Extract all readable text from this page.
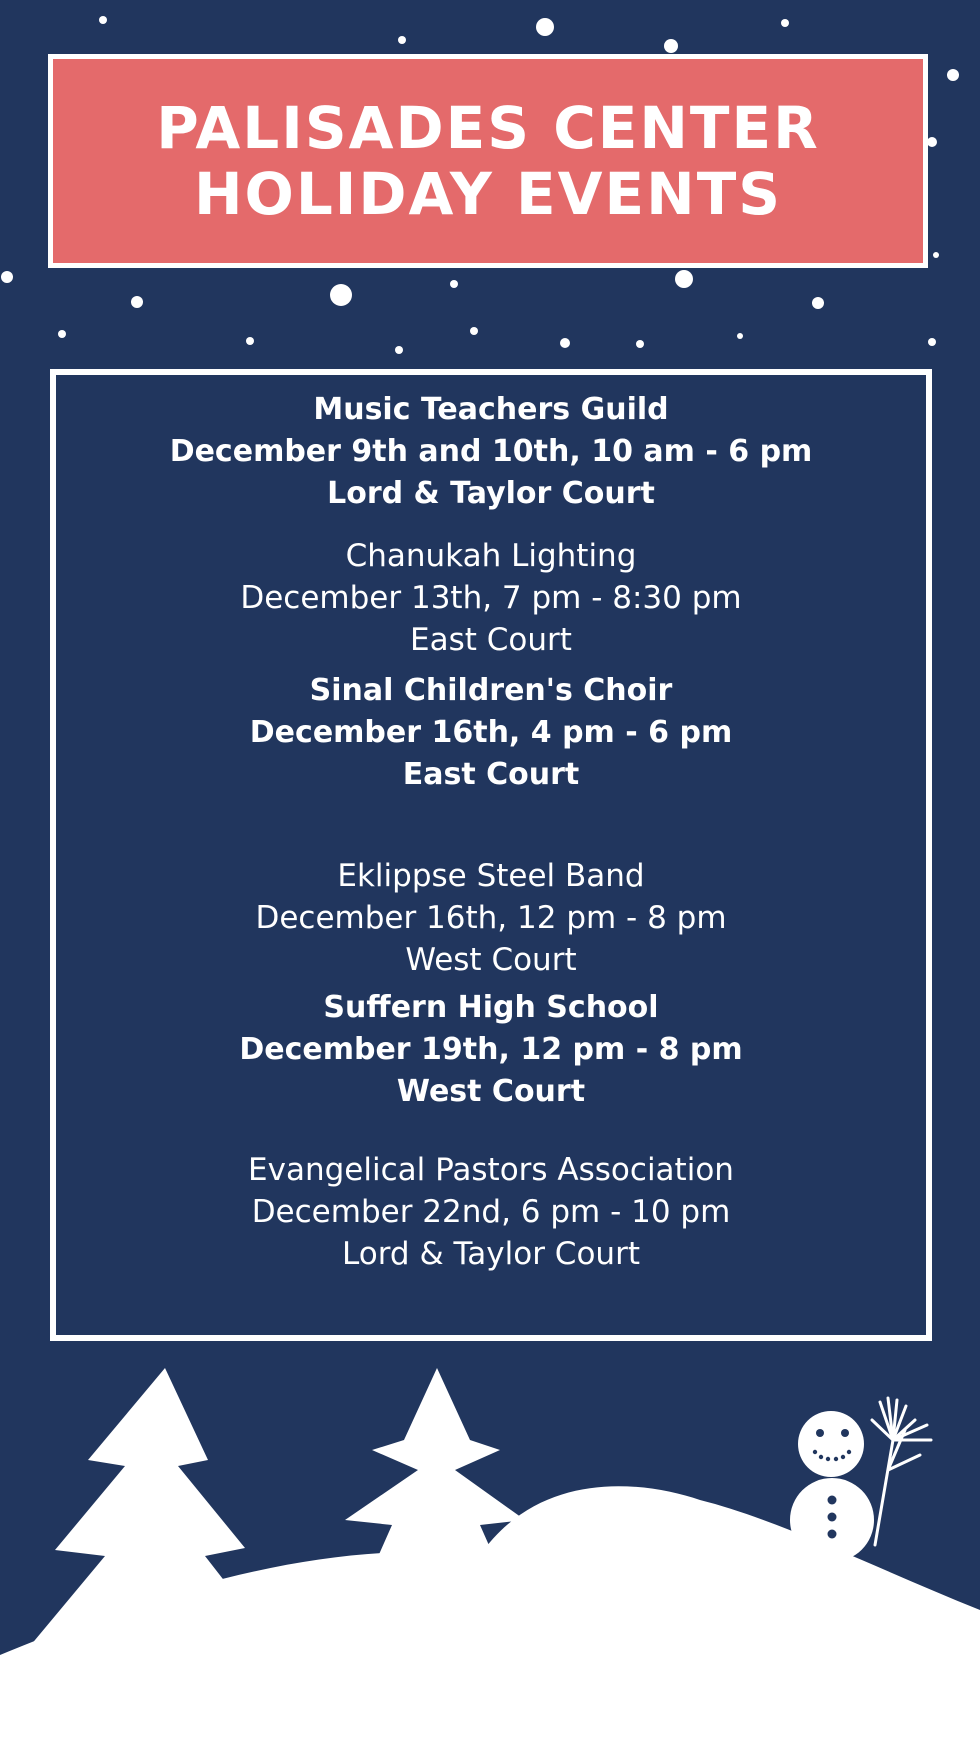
PALISADES CENTER
HOLIDAY EVENTS
Music Teachers Guild
December 9th and 10th, 10 am - 6 pm
Lord & Taylor Court
Chanukah Lighting
December 13th, 7 pm - 8:30 pm
East Court
Sinal Children's Choir
December 16th, 4 pm - 6 pm
East Court
Eklippse Steel Band
December 16th, 12 pm - 8 pm
West Court
Suffern High School
December 19th, 12 pm - 8 pm
West Court
Evangelical Pastors Association
December 22nd, 6 pm - 10 pm
Lord & Taylor Court
